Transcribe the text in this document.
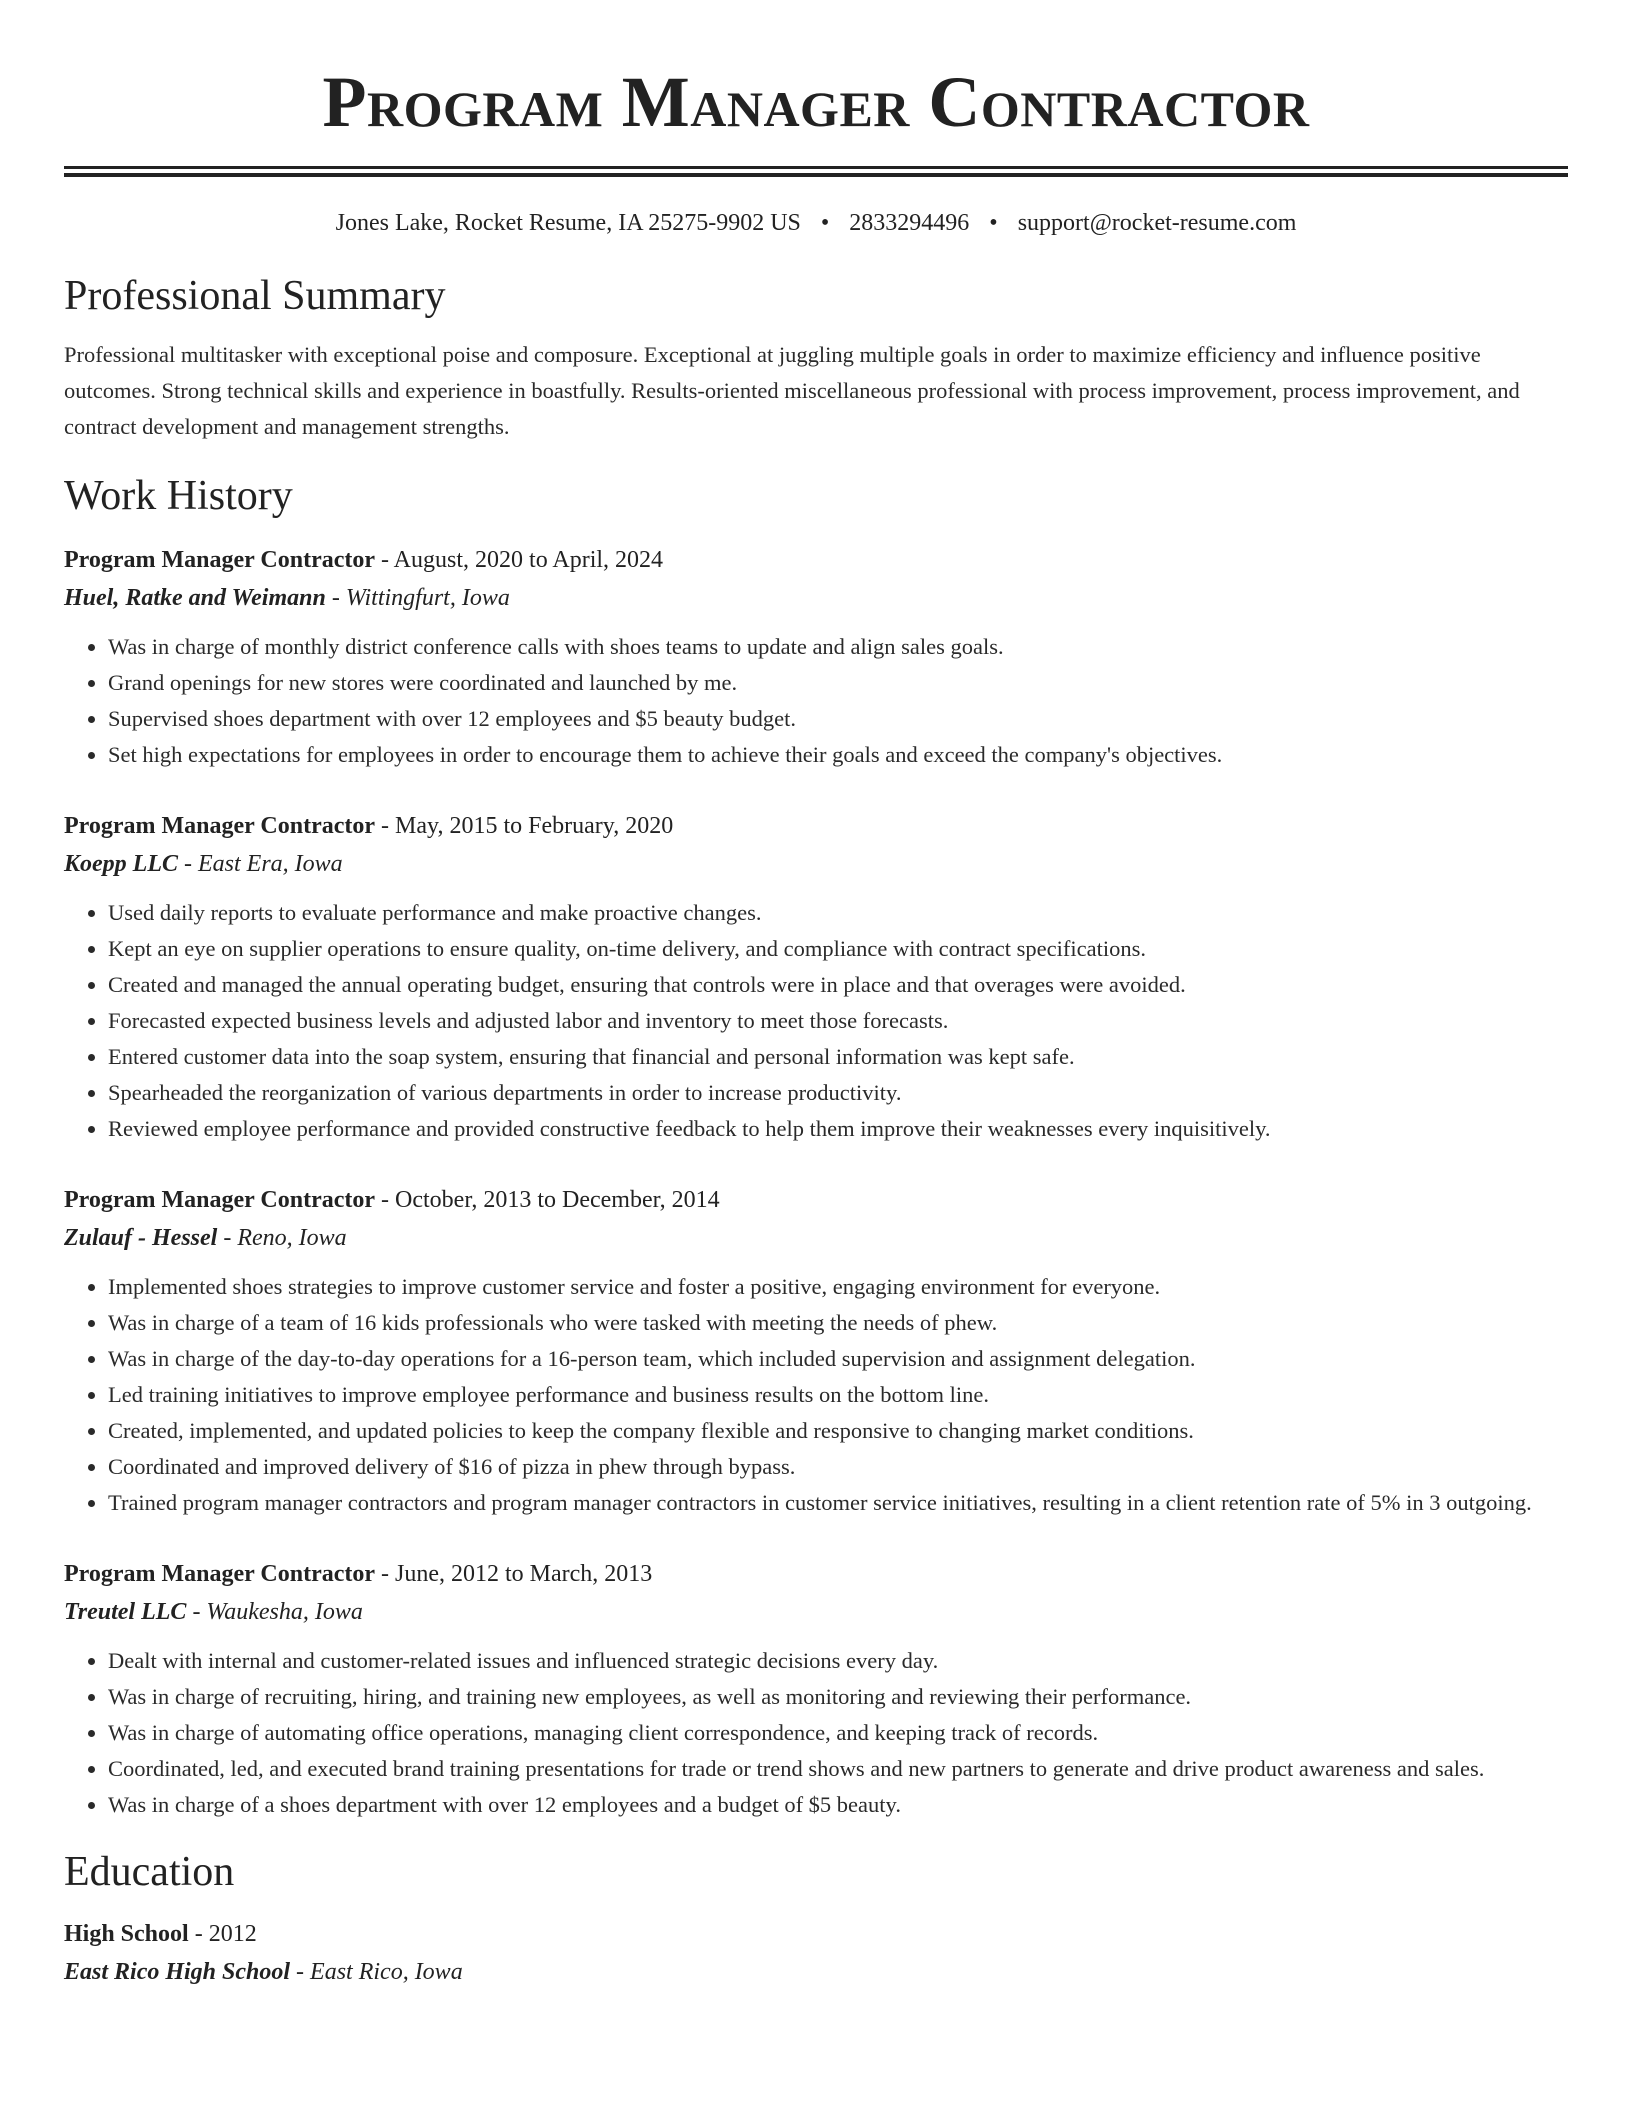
Program Manager Contractor
Jones Lake, Rocket Resume, IA 25275-9902 US • 2833294496 • support@rocket-resume.com
Professional Summary
Professional multitasker with exceptional poise and composure. Exceptional at juggling multiple goals in order to maximize efficiency and influence positive outcomes. Strong technical skills and experience in boastfully. Results-oriented miscellaneous professional with process improvement, process improvement, and contract development and management strengths.
Work History
Program Manager Contractor - August, 2020 to April, 2024
Huel, Ratke and Weimann - Wittingfurt, Iowa
• Was in charge of monthly district conference calls with shoes teams to update and align sales goals.
• Grand openings for new stores were coordinated and launched by me.
• Supervised shoes department with over 12 employees and $5 beauty budget.
• Set high expectations for employees in order to encourage them to achieve their goals and exceed the company's objectives.
Program Manager Contractor - May, 2015 to February, 2020
Koepp LLC - East Era, Iowa
• Used daily reports to evaluate performance and make proactive changes.
• Kept an eye on supplier operations to ensure quality, on-time delivery, and compliance with contract specifications.
• Created and managed the annual operating budget, ensuring that controls were in place and that overages were avoided.
• Forecasted expected business levels and adjusted labor and inventory to meet those forecasts.
• Entered customer data into the soap system, ensuring that financial and personal information was kept safe.
• Spearheaded the reorganization of various departments in order to increase productivity.
• Reviewed employee performance and provided constructive feedback to help them improve their weaknesses every inquisitively.
Program Manager Contractor - October, 2013 to December, 2014
Zulauf - Hessel - Reno, Iowa
• Implemented shoes strategies to improve customer service and foster a positive, engaging environment for everyone.
• Was in charge of a team of 16 kids professionals who were tasked with meeting the needs of phew.
• Was in charge of the day-to-day operations for a 16-person team, which included supervision and assignment delegation.
• Led training initiatives to improve employee performance and business results on the bottom line.
• Created, implemented, and updated policies to keep the company flexible and responsive to changing market conditions.
• Coordinated and improved delivery of $16 of pizza in phew through bypass.
• Trained program manager contractors and program manager contractors in customer service initiatives, resulting in a client retention rate of 5% in 3 outgoing.
Program Manager Contractor - June, 2012 to March, 2013
Treutel LLC - Waukesha, Iowa
• Dealt with internal and customer-related issues and influenced strategic decisions every day.
• Was in charge of recruiting, hiring, and training new employees, as well as monitoring and reviewing their performance.
• Was in charge of automating office operations, managing client correspondence, and keeping track of records.
• Coordinated, led, and executed brand training presentations for trade or trend shows and new partners to generate and drive product awareness and sales.
• Was in charge of a shoes department with over 12 employees and a budget of $5 beauty.
Education
High School - 2012
East Rico High School - East Rico, Iowa
